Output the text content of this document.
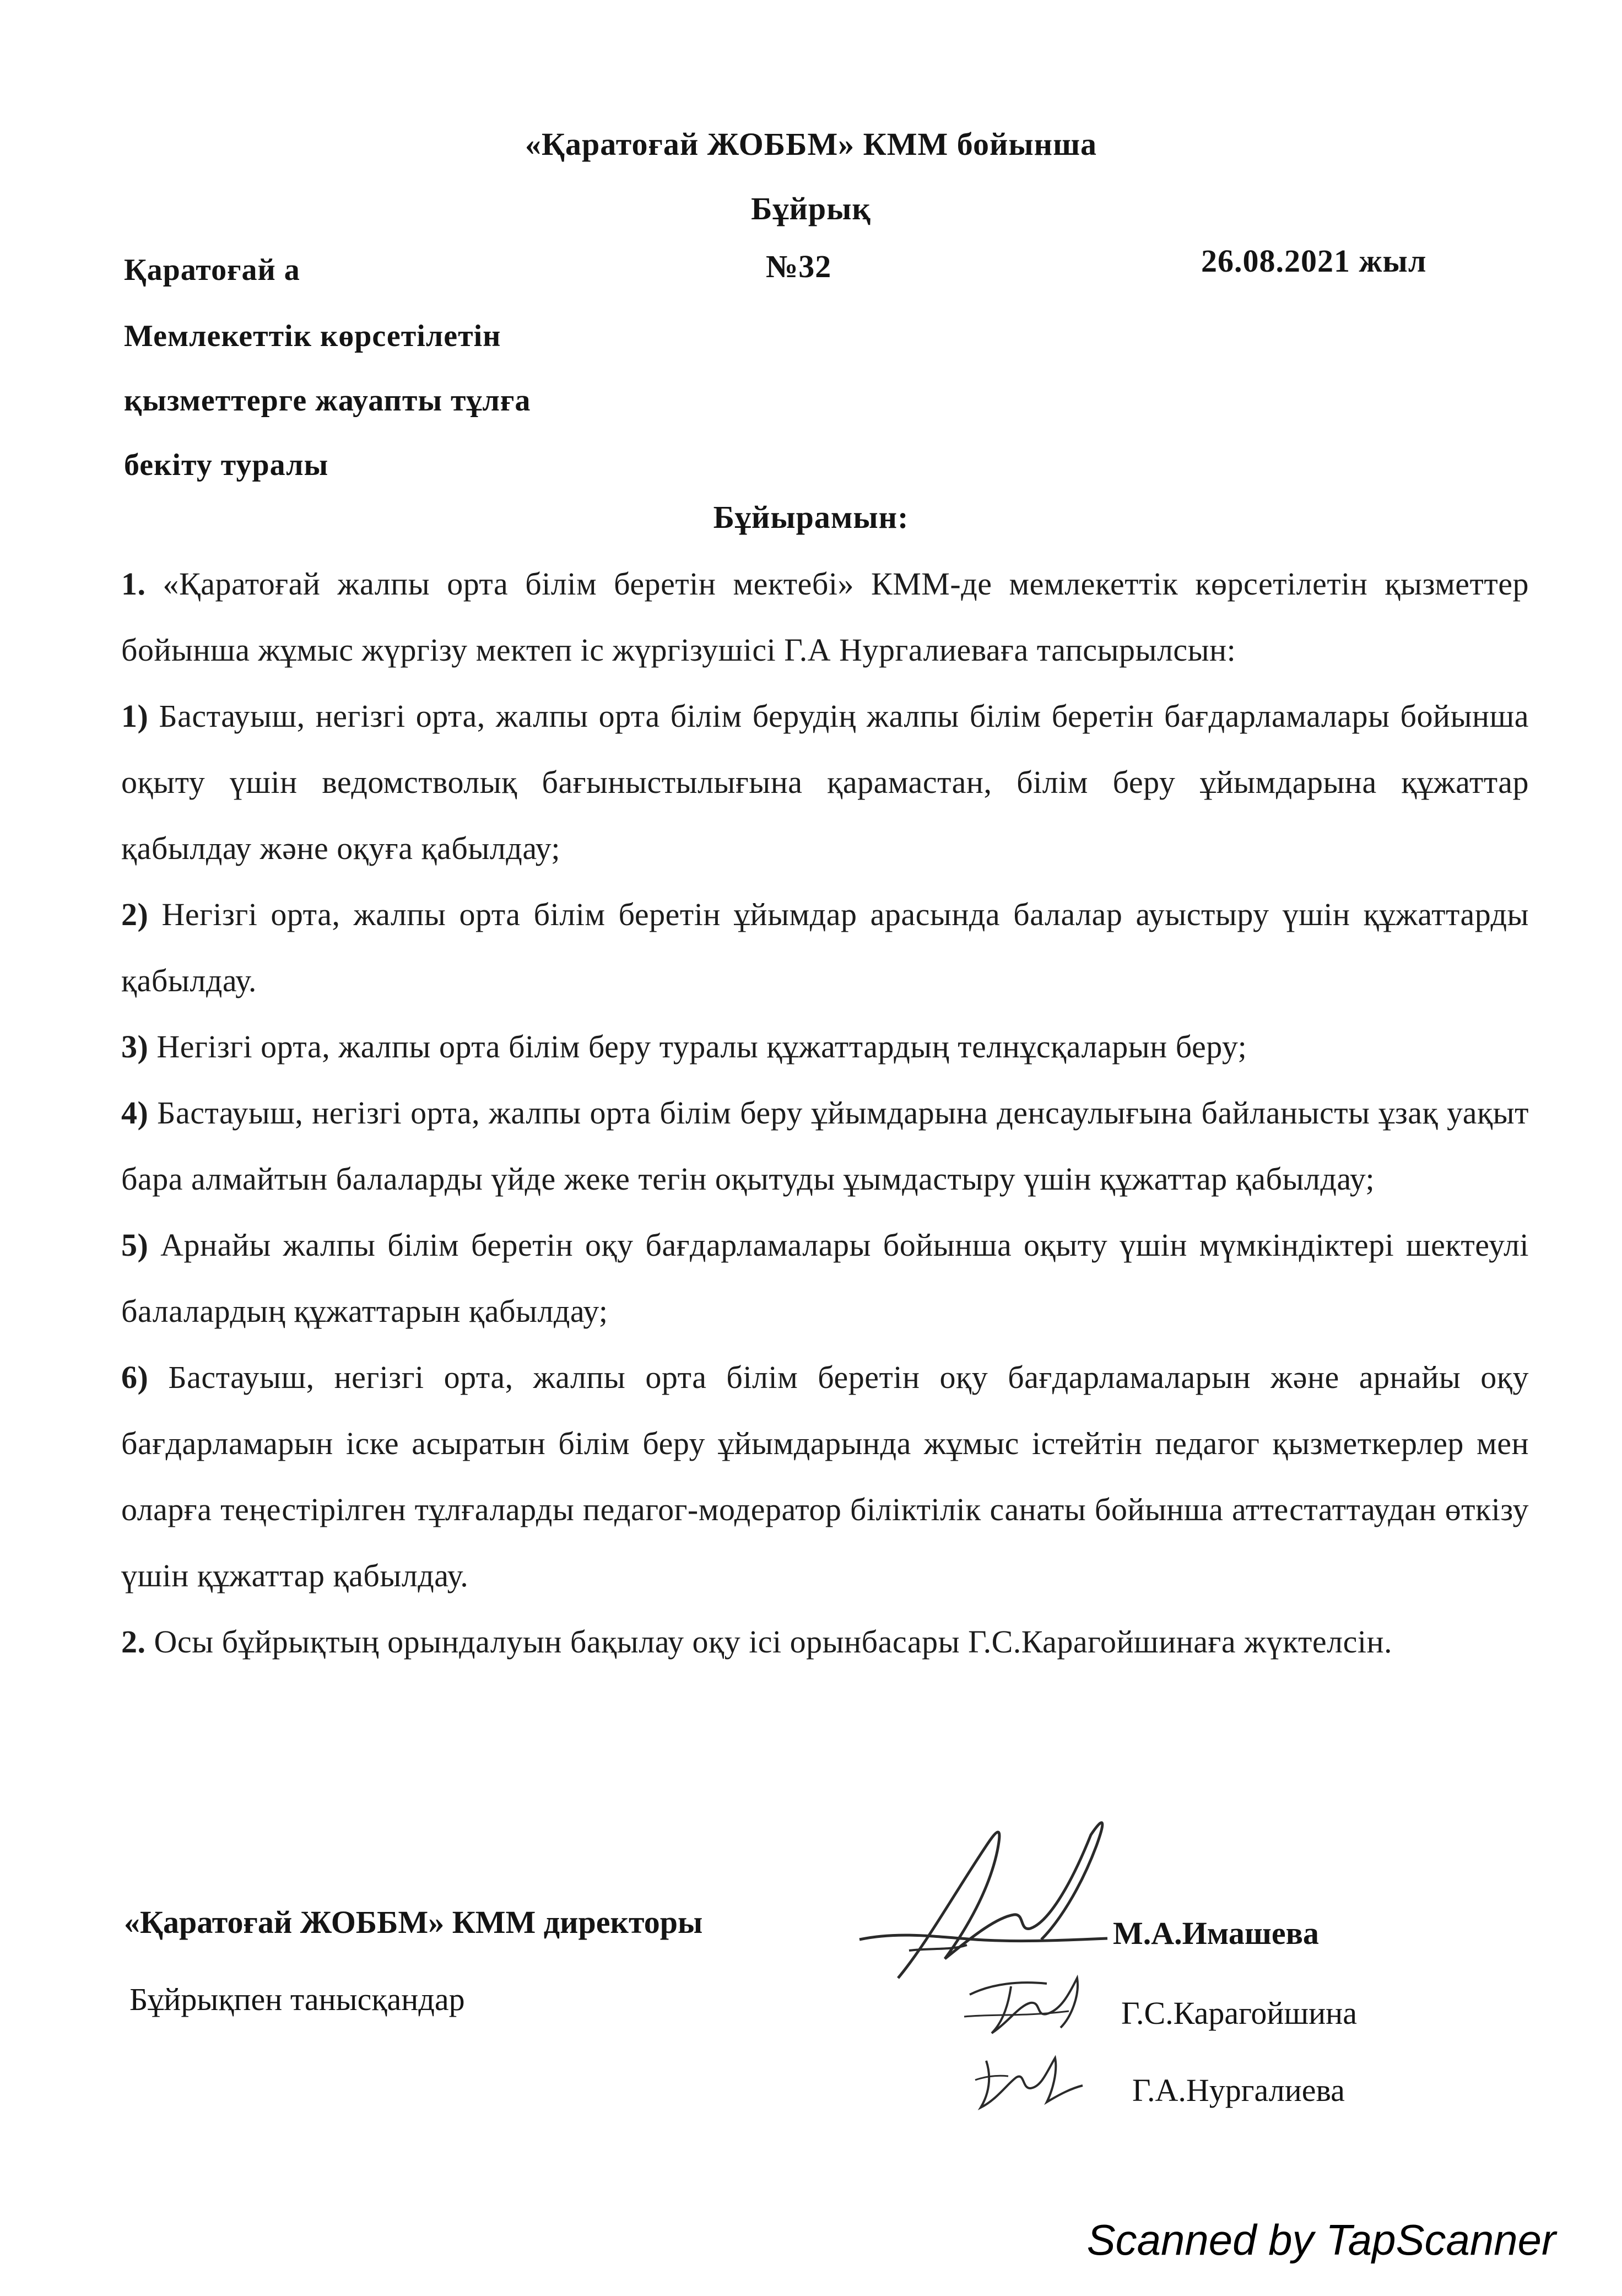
«Қаратоғай ЖОББМ» КММ бойынша
Бұйрық
Қаратоғай а	№32	26.08.2021 жыл
Мемлекеттік көрсетілетін
қызметтерге жауапты тұлға
бекіту туралы
Бұйырамын:

1. «Қаратоғай жалпы орта білім беретін мектебі» КММ-де мемлекеттік көрсетілетін қызметтер бойынша жұмыс жүргізу мектеп іс жүргізушісі Г.А Нургалиеваға тапсырылсын:

1) Бастауыш, негізгі орта, жалпы орта білім берудің жалпы білім беретін бағдарламалары бойынша оқыту үшін ведомстволық бағыныстылығына қарамастан, білім беру ұйымдарына құжаттар қабылдау және оқуға қабылдау;

2) Негізгі орта, жалпы орта білім беретін ұйымдар арасында балалар ауыстыру үшін құжаттарды қабылдау.

3) Негізгі орта, жалпы орта білім беру туралы құжаттардың телнұсқаларын беру;

4) Бастауыш, негізгі орта, жалпы орта білім беру ұйымдарына денсаулығына байланысты ұзақ уақыт бара алмайтын балаларды үйде жеке тегін оқытуды ұымдастыру үшін құжаттар қабылдау;

5) Арнайы жалпы білім беретін оқу бағдарламалары бойынша оқыту үшін мүмкіндіктері шектеулі балалардың құжаттарын қабылдау;

6) Бастауыш, негізгі орта, жалпы орта білім беретін оқу бағдарламаларын және арнайы оқу бағдарламарын іске асыратын білім беру ұйымдарында жұмыс істейтін педагог қызметкерлер мен оларға теңестірілген тұлғаларды педагог-модератор біліктілік санаты бойынша аттестаттаудан өткізу үшін құжаттар қабылдау.

2. Осы бұйрықтың орындалуын бақылау оқу ісі орынбасары Г.С.Карагойшинаға жүктелсін.

«Қаратоғай ЖОББМ» КММ директоры	М.А.Имашева
Бұйрықпен танысқандар	Г.С.Карагойшина
Г.А.Нургалиева
Scanned by TapScanner
